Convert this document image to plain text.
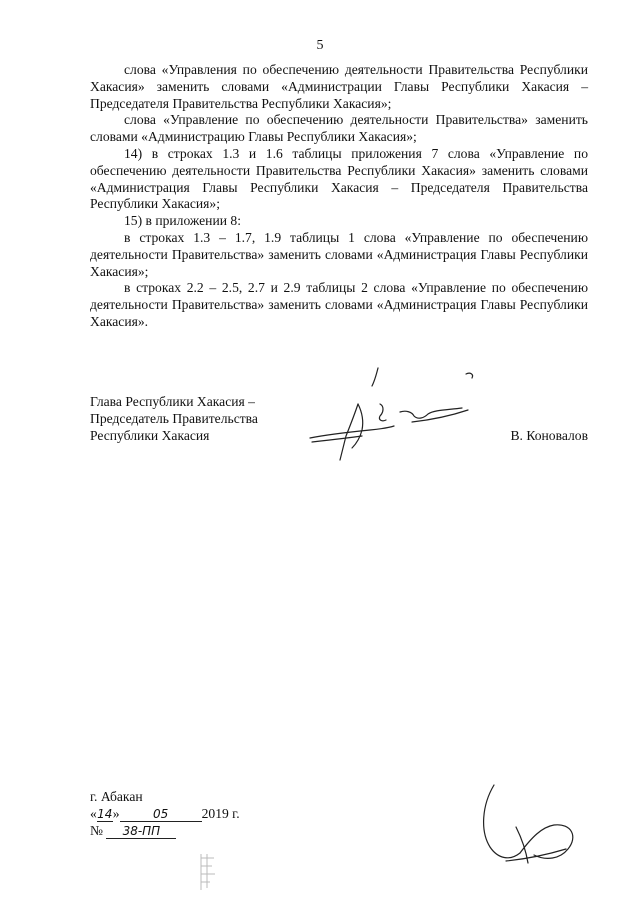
5

слова «Управления по обеспечению деятельности Правительства Республики Хакасия» заменить словами «Администрации Главы Республики Хакасия – Председателя Правительства Республики Хакасия»;

слова «Управление по обеспечению деятельности Правительства» заменить словами «Администрацию Главы Республики Хакасия»;

14) в строках 1.3 и 1.6 таблицы приложения 7 слова «Управление по обеспечению деятельности Правительства Республики Хакасия» заменить словами «Администрация Главы Республики Хакасия – Председателя Правительства Республики Хакасия»;

15) в приложении 8:

в строках 1.3 – 1.7, 1.9 таблицы 1 слова «Управление по обеспечению деятельности Правительства» заменить словами «Администрация Главы Республики Хакасия»;

в строках 2.2 – 2.5, 2.7 и 2.9 таблицы 2 слова «Управление по обеспечению деятельности Правительства» заменить словами «Администрация Главы Республики Хакасия».

Глава Республики Хакасия –
Председатель Правительства
Республики Хакасия	В. Коновалов
г. Абакан
«14»	05 2019 г.
№ 38-ПП
